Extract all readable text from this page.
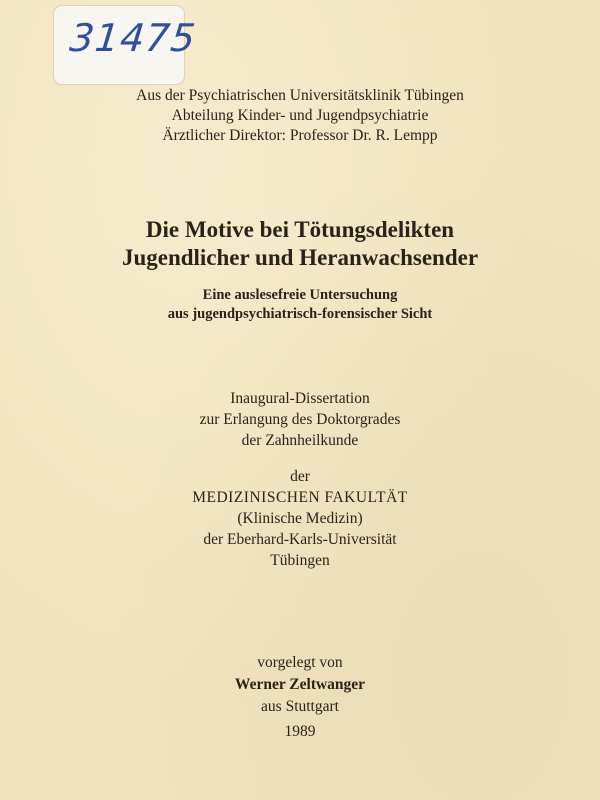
31475
Aus der Psychiatrischen Universitätsklinik Tübingen
Abteilung Kinder- und Jugendpsychiatrie
Ärztlicher Direktor: Professor Dr. R. Lempp
Die Motive bei Tötungsdelikten
Jugendlicher und Heranwachsender
Eine auslesefreie Untersuchung
aus jugendpsychiatrisch-forensischer Sicht
Inaugural-Dissertation
zur Erlangung des Doktorgrades
der Zahnheilkunde
der
MEDIZINISCHEN FAKULTÄT
(Klinische Medizin)
der Eberhard-Karls-Universität
Tübingen
vorgelegt von
Werner Zeltwanger
aus Stuttgart
1989
